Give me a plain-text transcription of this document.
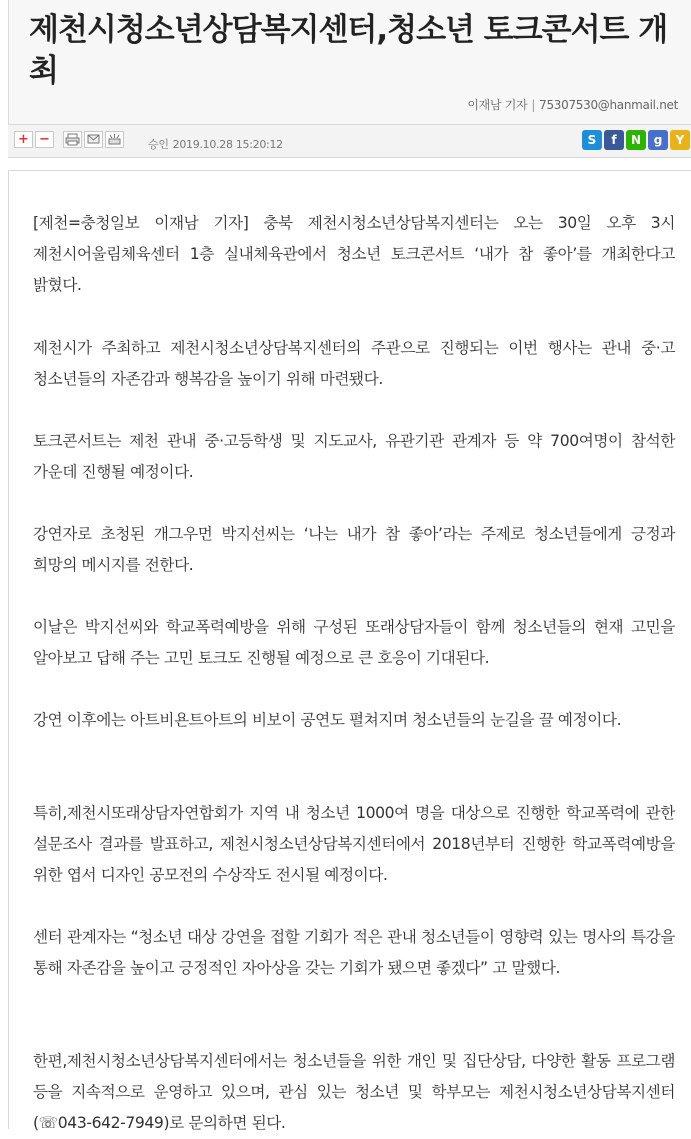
제천시청소년상담복지센터,청소년 토크콘서트 개최
이재남 기자 | 75307530@hanmail.net
+ −	승인 2019.10.28 15:20:12	S	f	N	g	Y

[제천=충청일보 이재남 기자] 충북 제천시청소년상담복지센터는 오는 30일 오후 3시 제천시어울림체육센터 1층 실내체육관에서 청소년 토크콘서트 ‘내가 참 좋아’를 개최한다고 밝혔다.

제천시가 주최하고 제천시청소년상담복지센터의 주관으로 진행되는 이번 행사는 관내 중·고 청소년들의 자존감과 행복감을 높이기 위해 마련됐다.

토크콘서트는 제천 관내 중·고등학생 및 지도교사, 유관기관 관계자 등 약 700여명이 참석한 가운데 진행될 예정이다.

강연자로 초청된 개그우먼 박지선씨는 ‘나는 내가 참 좋아’라는 주제로 청소년들에게 긍정과 희망의 메시지를 전한다.

이날은 박지선씨와 학교폭력예방을 위해 구성된 또래상담자들이 함께 청소년들의 현재 고민을 알아보고 답해 주는 고민 토크도 진행될 예정으로 큰 호응이 기대된다.

강연 이후에는 아트비욘트아트의 비보이 공연도 펼쳐지며 청소년들의 눈길을 끌 예정이다.

특히,제천시또래상담자연합회가 지역 내 청소년 1000여 명을 대상으로 진행한 학교폭력에 관한 설문조사 결과를 발표하고, 제천시청소년상담복지센터에서 2018년부터 진행한 학교폭력예방을 위한 엽서 디자인 공모전의 수상작도 전시될 예정이다.

센터 관계자는 “청소년 대상 강연을 접할 기회가 적은 관내 청소년들이 영향력 있는 명사의 특강을 통해 자존감을 높이고 긍정적인 자아상을 갖는 기회가 됐으면 좋겠다” 고 말했다.

한편,제천시청소년상담복지센터에서는 청소년들을 위한 개인 및 집단상담, 다양한 활동 프로그램 등을 지속적으로 운영하고 있으며, 관심 있는 청소년 및 학부모는 제천시청소년상담복지센터(☏043-642-7949)로 문의하면 된다.
